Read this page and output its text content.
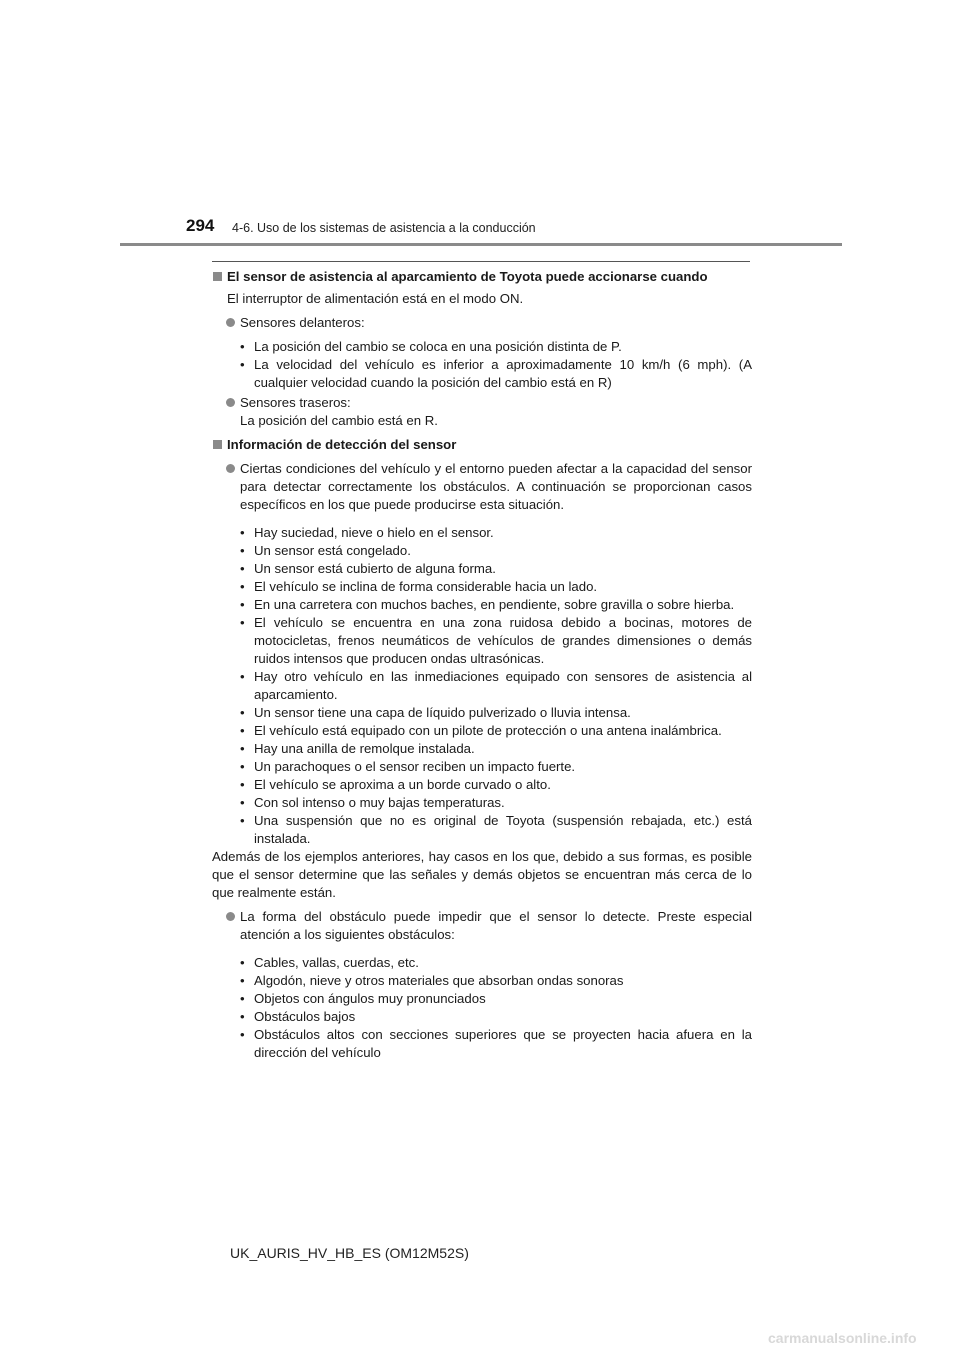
294 4-6. Uso de los sistemas de asistencia a la conducción
El sensor de asistencia al aparcamiento de Toyota puede accionarse cuando
El interruptor de alimentación está en el modo ON.
Sensores delanteros:
• La posición del cambio se coloca en una posición distinta de P.
• La velocidad del vehículo es inferior a aproximadamente 10 km/h (6 mph). (A cualquier velocidad cuando la posición del cambio está en R)
Sensores traseros:
La posición del cambio está en R.
Información de detección del sensor
Ciertas condiciones del vehículo y el entorno pueden afectar a la capacidad del sensor para detectar correctamente los obstáculos. A continuación se proporcionan casos específicos en los que puede producirse esta situación.
• Hay suciedad, nieve o hielo en el sensor.
• Un sensor está congelado.
• Un sensor está cubierto de alguna forma.
• El vehículo se inclina de forma considerable hacia un lado.
• En una carretera con muchos baches, en pendiente, sobre gravilla o sobre hierba.
• El vehículo se encuentra en una zona ruidosa debido a bocinas, motores de motocicletas, frenos neumáticos de vehículos de grandes dimensiones o demás ruidos intensos que producen ondas ultrasónicas.
• Hay otro vehículo en las inmediaciones equipado con sensores de asistencia al aparcamiento.
• Un sensor tiene una capa de líquido pulverizado o lluvia intensa.
• El vehículo está equipado con un pilote de protección o una antena inalámbrica.
• Hay una anilla de remolque instalada.
• Un parachoques o el sensor reciben un impacto fuerte.
• El vehículo se aproxima a un borde curvado o alto.
• Con sol intenso o muy bajas temperaturas.
• Una suspensión que no es original de Toyota (suspensión rebajada, etc.) está instalada.
Además de los ejemplos anteriores, hay casos en los que, debido a sus formas, es posible que el sensor determine que las señales y demás objetos se encuentran más cerca de lo que realmente están.
La forma del obstáculo puede impedir que el sensor lo detecte. Preste especial atención a los siguientes obstáculos:
• Cables, vallas, cuerdas, etc.
• Algodón, nieve y otros materiales que absorban ondas sonoras
• Objetos con ángulos muy pronunciados
• Obstáculos bajos
• Obstáculos altos con secciones superiores que se proyecten hacia afuera en la dirección del vehículo
UK_AURIS_HV_HB_ES (OM12M52S)
carmanualsonline.info
